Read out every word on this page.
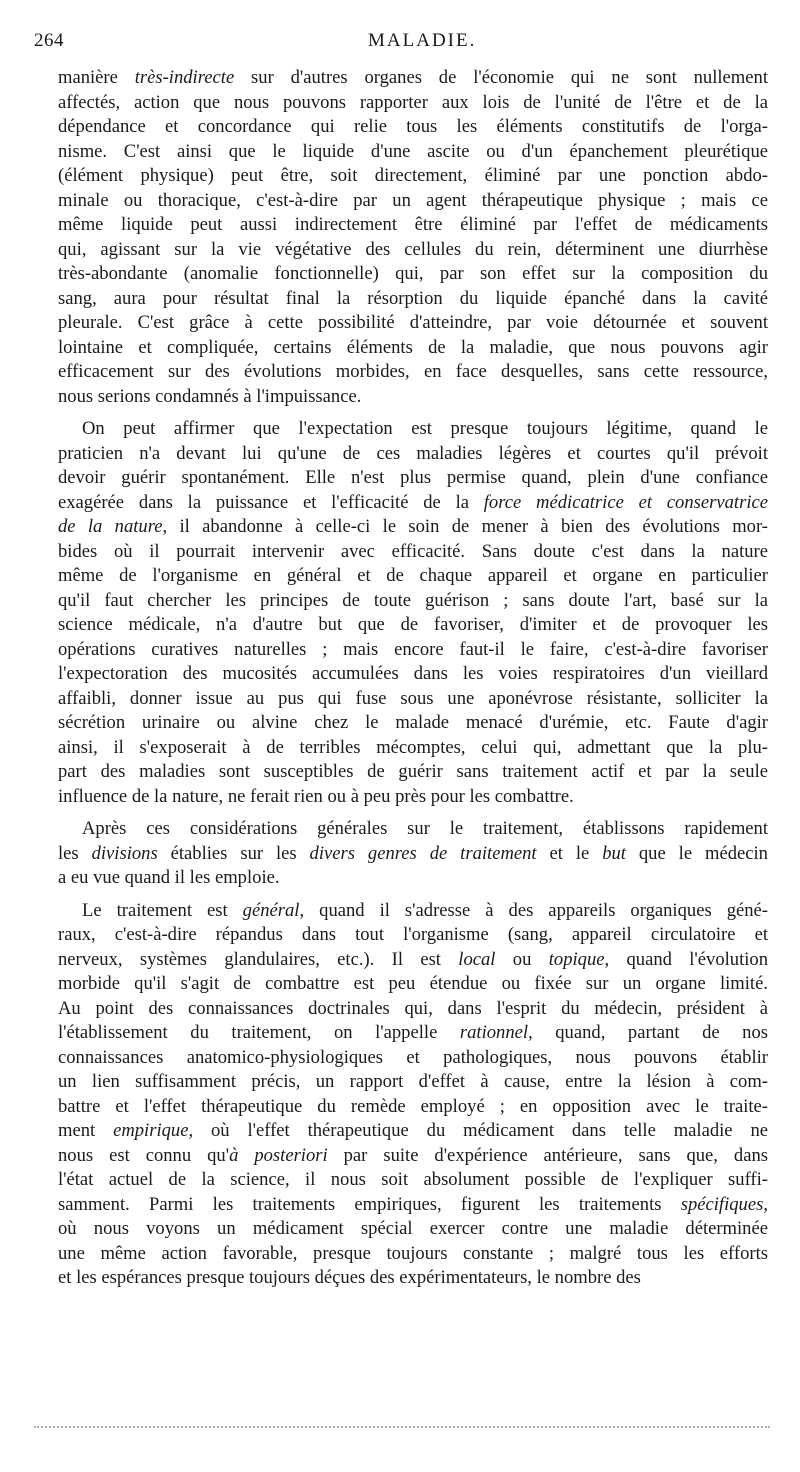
264	MALADIE.

manière très-indirecte sur d'autres organes de l'économie qui ne sont nullement
affectés, action que nous pouvons rapporter aux lois de l'unité de l'être et de la
dépendance et concordance qui relie tous les éléments constitutifs de l'orga-
nisme. C'est ainsi que le liquide d'une ascite ou d'un épanchement pleurétique
(élément physique) peut être, soit directement, éliminé par une ponction abdo-
minale ou thoracique, c'est-à-dire par un agent thérapeutique physique ; mais ce
même liquide peut aussi indirectement être éliminé par l'effet de médicaments
qui, agissant sur la vie végétative des cellules du rein, déterminent une diurrhèse
très-abondante (anomalie fonctionnelle) qui, par son effet sur la composition du
sang, aura pour résultat final la résorption du liquide épanché dans la cavité
pleurale. C'est grâce à cette possibilité d'atteindre, par voie détournée et souvent
lointaine et compliquée, certains éléments de la maladie, que nous pouvons agir
efficacement sur des évolutions morbides, en face desquelles, sans cette ressource,
nous serions condamnés à l'impuissance.

On peut affirmer que l'expectation est presque toujours légitime, quand le
praticien n'a devant lui qu'une de ces maladies légères et courtes qu'il prévoit
devoir guérir spontanément. Elle n'est plus permise quand, plein d'une confiance
exagérée dans la puissance et l'efficacité de la force médicatrice et conservatrice
de la nature, il abandonne à celle-ci le soin de mener à bien des évolutions mor-
bides où il pourrait intervenir avec efficacité. Sans doute c'est dans la nature
même de l'organisme en général et de chaque appareil et organe en particulier
qu'il faut chercher les principes de toute guérison ; sans doute l'art, basé sur la
science médicale, n'a d'autre but que de favoriser, d'imiter et de provoquer les
opérations curatives naturelles ; mais encore faut-il le faire, c'est-à-dire favoriser
l'expectoration des mucosités accumulées dans les voies respiratoires d'un vieillard
affaibli, donner issue au pus qui fuse sous une aponévrose résistante, solliciter la
sécrétion urinaire ou alvine chez le malade menacé d'urémie, etc. Faute d'agir
ainsi, il s'exposerait à de terribles mécomptes, celui qui, admettant que la plu-
part des maladies sont susceptibles de guérir sans traitement actif et par la seule
influence de la nature, ne ferait rien ou à peu près pour les combattre.

Après ces considérations générales sur le traitement, établissons rapidement
les divisions établies sur les divers genres de traitement et le but que le médecin
a eu vue quand il les emploie.

Le traitement est général, quand il s'adresse à des appareils organiques géné-
raux, c'est-à-dire répandus dans tout l'organisme (sang, appareil circulatoire et
nerveux, systèmes glandulaires, etc.). Il est local ou topique, quand l'évolution
morbide qu'il s'agit de combattre est peu étendue ou fixée sur un organe limité.
Au point des connaissances doctrinales qui, dans l'esprit du médecin, président à
l'établissement du traitement, on l'appelle rationnel, quand, partant de nos
connaissances anatomico-physiologiques et pathologiques, nous pouvons établir
un lien suffisamment précis, un rapport d'effet à cause, entre la lésion à com-
battre et l'effet thérapeutique du remède employé ; en opposition avec le traite-
ment empirique, où l'effet thérapeutique du médicament dans telle maladie ne
nous est connu qu'à posteriori par suite d'expérience antérieure, sans que, dans
l'état actuel de la science, il nous soit absolument possible de l'expliquer suffi-
samment. Parmi les traitements empiriques, figurent les traitements spécifiques,
où nous voyons un médicament spécial exercer contre une maladie déterminée
une même action favorable, presque toujours constante ; malgré tous les efforts
et les espérances presque toujours déçues des expérimentateurs, le nombre des
